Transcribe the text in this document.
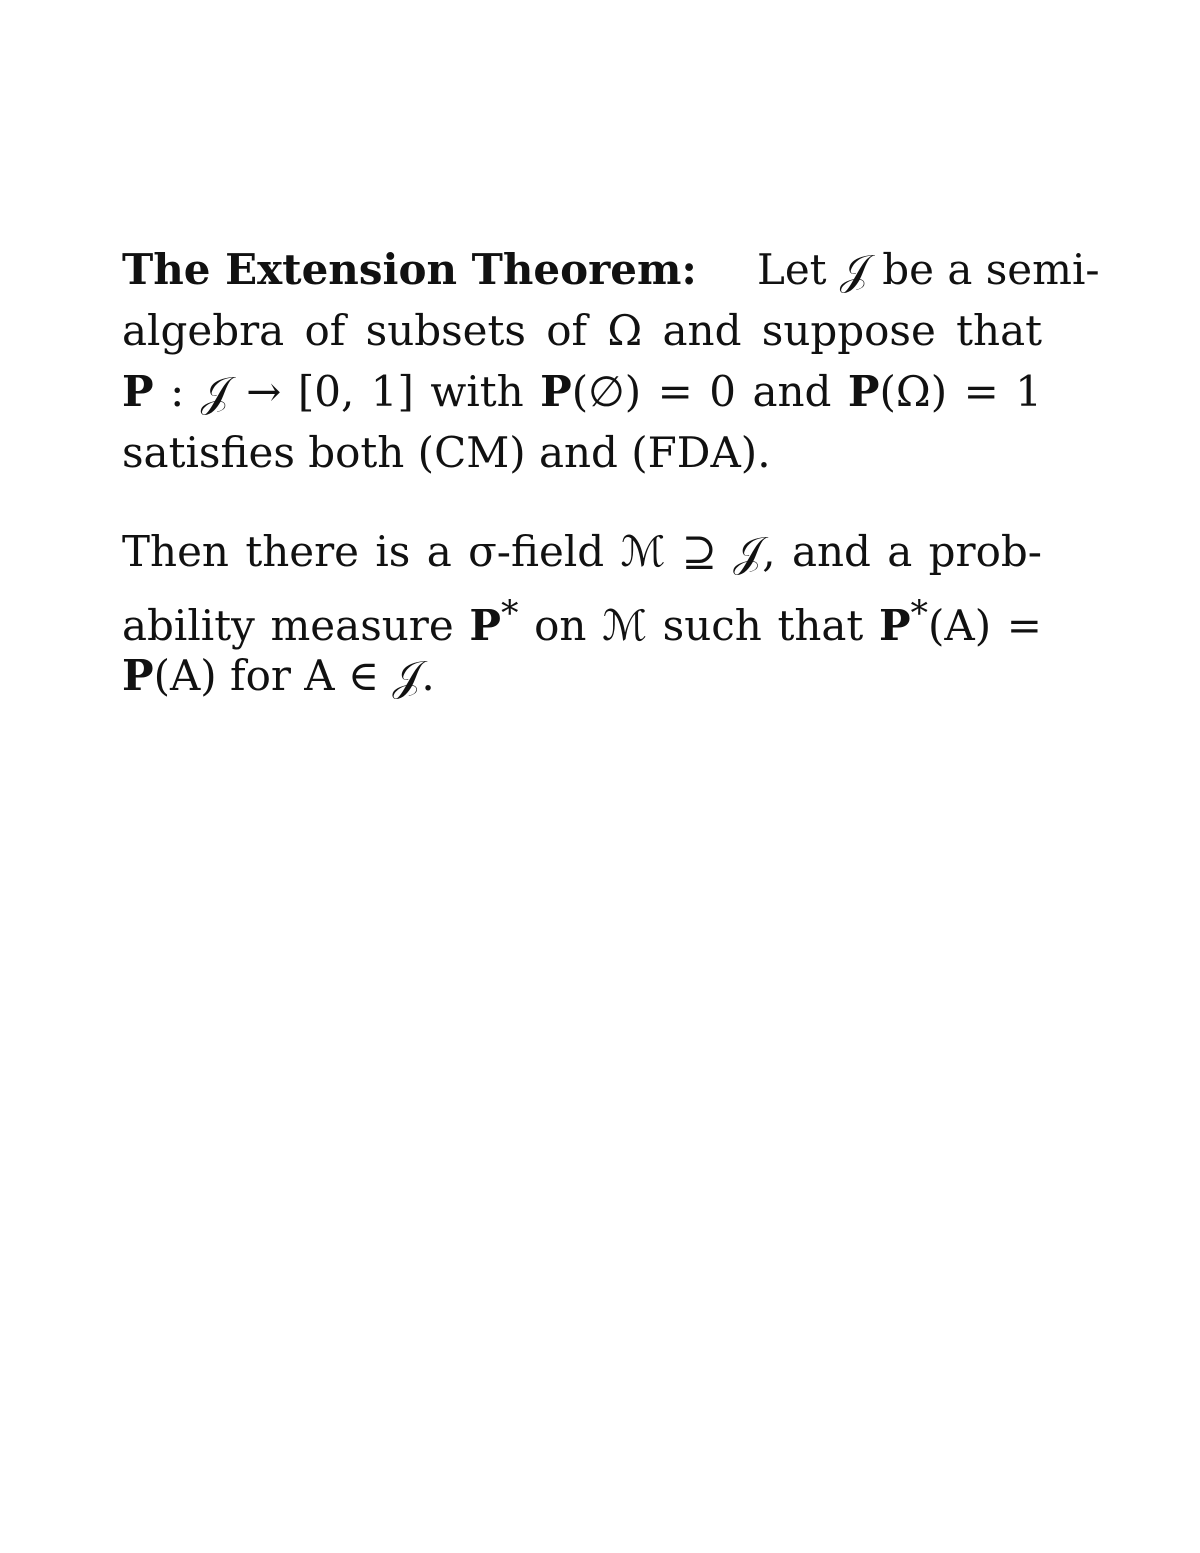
The Extension Theorem: Let 𝒥 be a semi-
algebra of subsets of Ω and suppose that
P : 𝒥 → [0, 1] with P(∅) = 0 and P(Ω) = 1
satisfies both (CM) and (FDA).
Then there is a σ-field ℳ ⊇ 𝒥, and a prob-
ability measure P* on ℳ such that P*(A) =
P(A) for A ∈ 𝒥.
